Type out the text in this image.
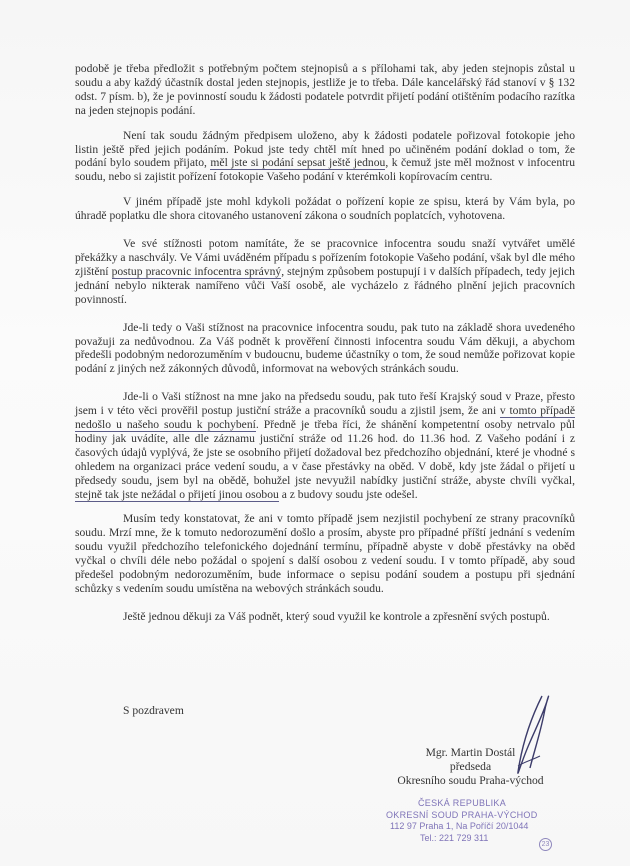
podobě je třeba předložit s potřebným počtem stejnopisů a s přílohami tak, aby jeden stejnopis zůstal u soudu a aby každý účastník dostal jeden stejnopis, jestliže je to třeba. Dále kancelářský řád stanoví v § 132 odst. 7 písm. b), že je povinností soudu k žádosti podatele potvrdit přijetí podání otištěním podacího razítka na jeden stejnopis podání.

Není tak soudu žádným předpisem uloženo, aby k žádosti podatele pořizoval fotokopie jeho listin ještě před jejich podáním. Pokud jste tedy chtěl mít hned po učiněném podání doklad o tom, že podání bylo soudem přijato, měl jste si podání sepsat ještě jednou, k čemuž jste měl možnost v infocentru soudu, nebo si zajistit pořízení fotokopie Vašeho podání v kterémkoli kopírovacím centru.

V jiném případě jste mohl kdykoli požádat o pořízení kopie ze spisu, která by Vám byla, po úhradě poplatku dle shora citovaného ustanovení zákona o soudních poplatcích, vyhotovena.

Ve své stížnosti potom namítáte, že se pracovnice infocentra soudu snaží vytvářet umělé překážky a naschvály. Ve Vámi uváděném případu s pořízením fotokopie Vašeho podání, však byl dle mého zjištění postup pracovnic infocentra správný, stejným způsobem postupují i v dalších případech, tedy jejich jednání nebylo nikterak namířeno vůči Vaší osobě, ale vycházelo z řádného plnění jejich pracovních povinností.

Jde-li tedy o Vaši stížnost na pracovnice infocentra soudu, pak tuto na základě shora uvedeného považuji za nedůvodnou. Za Váš podnět k prověření činnosti infocentra soudu Vám děkuji, a abychom předešli podobným nedorozuměním v budoucnu, budeme účastníky o tom, že soud nemůže pořizovat kopie podání z jiných než zákonných důvodů, informovat na webových stránkách soudu.

Jde-li o Vaši stížnost na mne jako na předsedu soudu, pak tuto řeší Krajský soud v Praze, přesto jsem i v této věci prověřil postup justiční stráže a pracovníků soudu a zjistil jsem, že ani v tomto případě nedošlo u našeho soudu k pochybení. Předně je třeba říci, že shánění kompetentní osoby netrvalo půl hodiny jak uvádíte, alle dle záznamu justiční stráže od 11.26 hod. do 11.36 hod. Z Vašeho podání i z časových údajů vyplývá, že jste se osobního přijetí dožadoval bez předchozího objednání, které je vhodné s ohledem na organizaci práce vedení soudu, a v čase přestávky na oběd. V době, kdy jste žádal o přijetí u předsedy soudu, jsem byl na obědě, bohužel jste nevyužil nabídky justiční stráže, abyste chvíli vyčkal, stejně tak jste nežádal o přijetí jinou osobou a z budovy soudu jste odešel.

Musím tedy konstatovat, že ani v tomto případě jsem nezjistil pochybení ze strany pracovníků soudu. Mrzí mne, že k tomuto nedorozumění došlo a prosím, abyste pro případné příští jednání s vedením soudu využil předchozího telefonického dojednání termínu, případně abyste v době přestávky na oběd vyčkal o chvíli déle nebo požádal o spojení s další osobou z vedení soudu. I v tomto případě, aby soud předešel podobným nedorozuměním, bude informace o sepisu podání soudem a postupu při sjednání schůzky s vedením soudu umístěna na webových stránkách soudu.

Ještě jednou děkuji za Váš podnět, který soud využil ke kontrole a zpřesnění svých postupů.

S pozdravem
Mgr. Martin Dostál
předseda
Okresního soudu Praha-východ
ČESKÁ REPUBLIKA
OKRESNÍ SOUD PRAHA-VÝCHOD
112 97 Praha 1, Na Poříčí 20/1044
Tel.: 221 729 311
23
